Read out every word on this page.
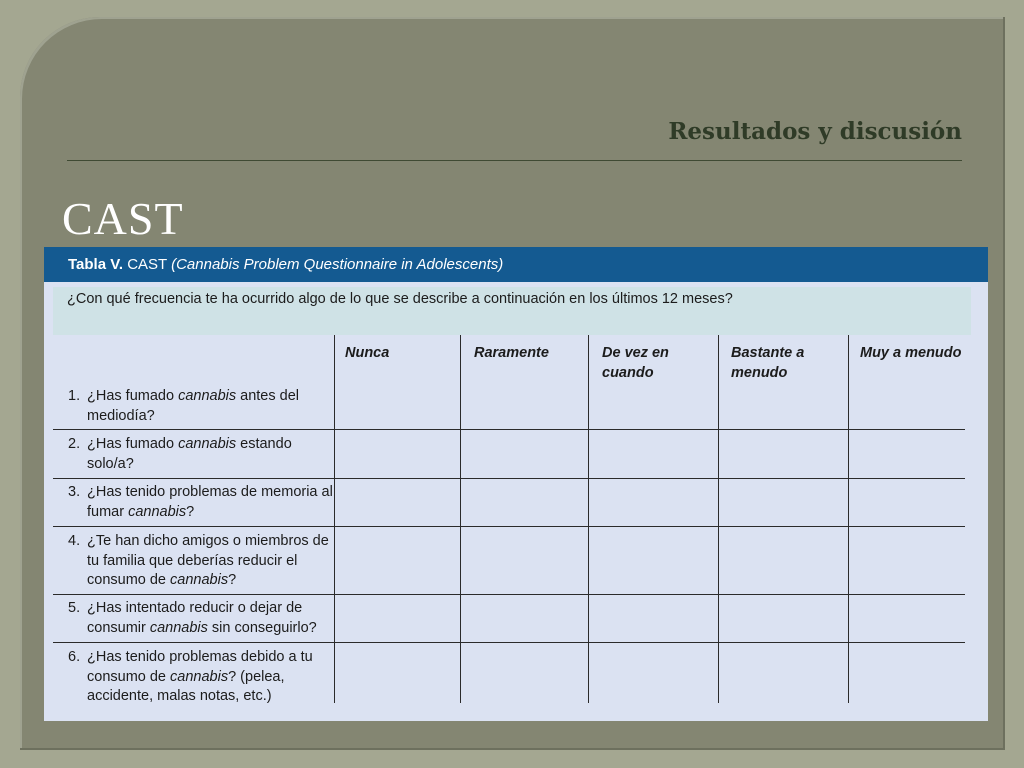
Resultados y discusión
CAST
Tabla V. CAST (Cannabis Problem Questionnaire in Adolescents)
¿Con qué frecuencia te ha ocurrido algo de lo que se describe a continuación en los últimos 12 meses?
Nunca	Raramente	De vez en cuando
Bastante a menudo
Muy a menudo
1. ¿Has fumado cannabis antes del mediodía?
2. ¿Has fumado cannabis estando solo/a?
3. ¿Has tenido problemas de memoria al fumar cannabis?
4. ¿Te han dicho amigos o miembros de tu familia que deberías reducir el consumo de cannabis?
5. ¿Has intentado reducir o dejar de consumir cannabis sin conseguirlo?
6. ¿Has tenido problemas debido a tu consumo de cannabis? (pelea, accidente, malas notas, etc.)
